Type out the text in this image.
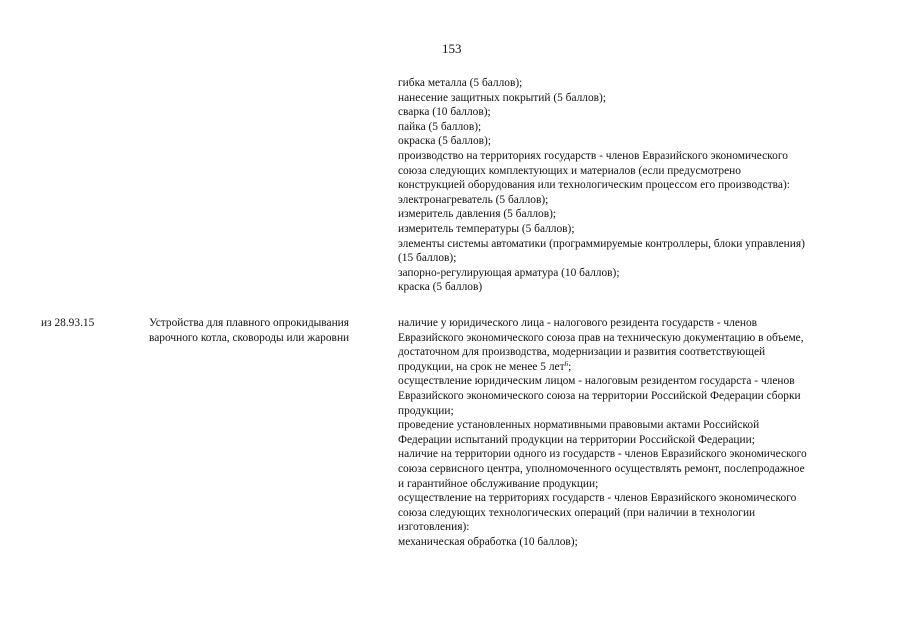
153
гибка металла (5 баллов);
нанесение защитных покрытий (5 баллов);
сварка (10 баллов);
пайка (5 баллов);
окраска (5 баллов);
производство на территориях государств - членов Евразийского экономического
союза следующих комплектующих и материалов (если предусмотрено
конструкцией оборудования или технологическим процессом его производства):
электронагреватель (5 баллов);
измеритель давления (5 баллов);
измеритель температуры (5 баллов);
элементы системы автоматики (программируемые контроллеры, блоки управления)
(15 баллов);
запорно-регулирующая арматура (10 баллов);
краска (5 баллов)
из 28.93.15	Устройства для плавного опрокидывания
варочного котла, сковороды или жаровни
наличие у юридического лица - налогового резидента государств - членов
Евразийского экономического союза прав на техническую документацию в объеме,
достаточном для производства, модернизации и развития соответствующей
продукции, на срок не менее 5 лет$^6$;
осуществление юридическим лицом - налоговым резидентом государста - членов
Евразийского экономического союза на территории Российской Федерации сборки
продукции;
проведение установленных нормативными правовыми актами Российской
Федерации испытаний продукции на территории Российской Федерации;
наличие на территории одного из государств - членов Евразийского экономического
союза сервисного центра, уполномоченного осуществлять ремонт, послепродажное
и гарантийное обслуживание продукции;
осуществление на территориях государств - членов Евразийского экономического
союза следующих технологических операций (при наличии в технологии
изготовления):
механическая обработка (10 баллов);
